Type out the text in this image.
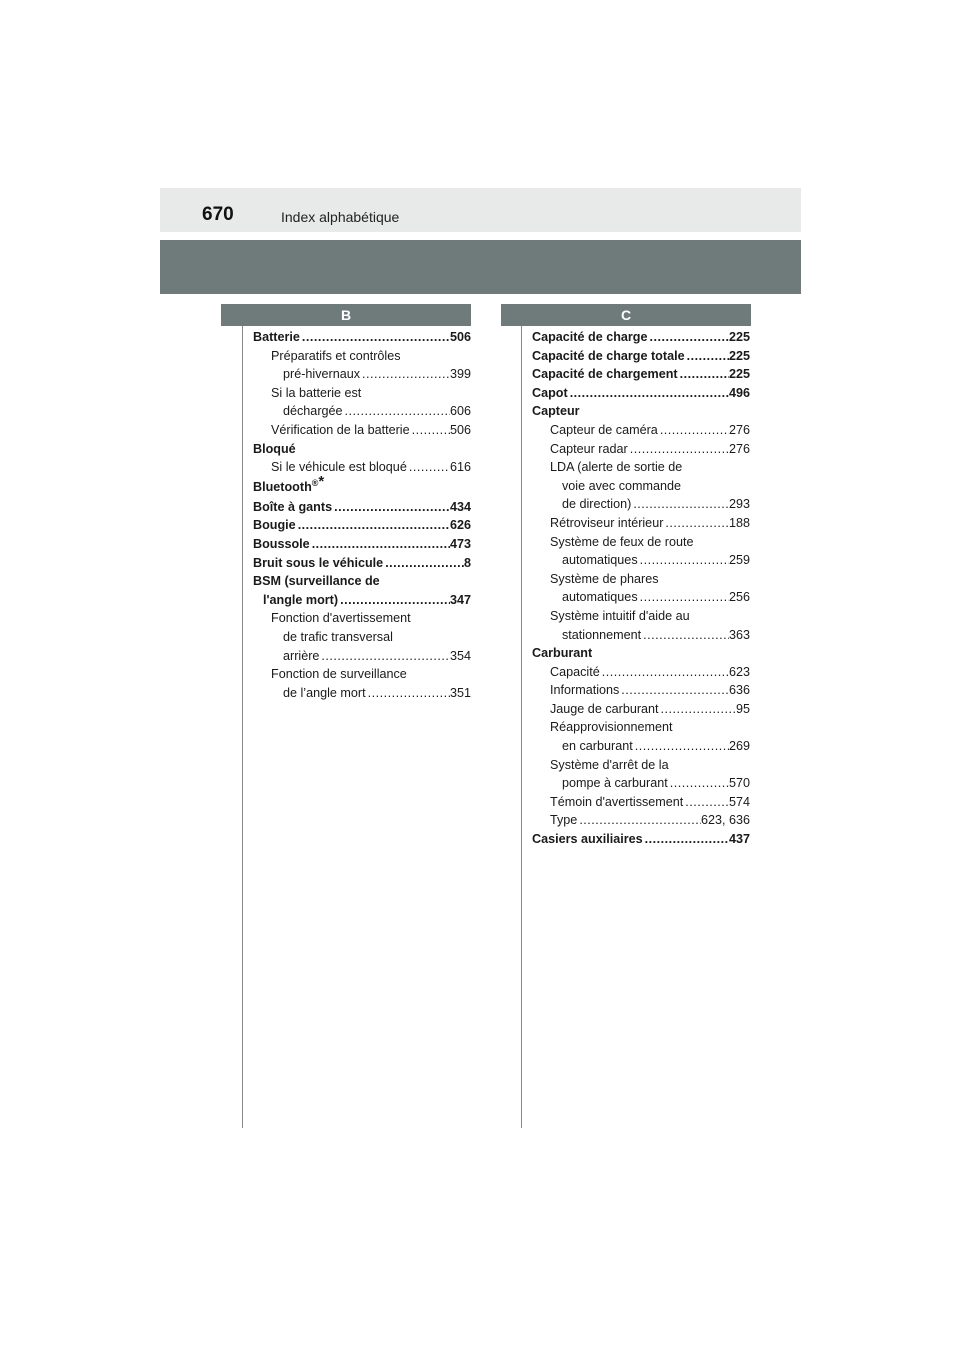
670	Index alphabétique
B	C
Batterie .....	506
Préparatifs et contrôles
pré-hivernaux .....	399
Si la batterie est
déchargée .....	606
Vérification de la batterie .....	506
Bloqué
Si le véhicule est bloqué .....	616
Bluetooth®*
Boîte à gants .....	434
Bougie .....	626
Boussole .....	473
Bruit sous le véhicule .....	8
BSM (surveillance de
l'angle mort) .....	347
Fonction d'avertissement
de trafic transversal
arrière .....	354
Fonction de surveillance
de l’angle mort .....	351
Capacité de charge .....	225
Capacité de charge totale .....	225
Capacité de chargement .....	225
Capot .....	496
Capteur
Capteur de caméra .....	276
Capteur radar .....	276
LDA (alerte de sortie de
voie avec commande
de direction) .....	293
Rétroviseur intérieur .....	188
Système de feux de route
automatiques .....	259
Système de phares
automatiques .....	256
Système intuitif d'aide au
stationnement .....	363
Carburant
Capacité .....	623
Informations .....	636
Jauge de carburant .....	95
Réapprovisionnement
en carburant .....	269
Système d'arrêt de la
pompe à carburant .....	570
Témoin d'avertissement .....	574
Type .....	623, 636
Casiers auxiliaires .....	437
